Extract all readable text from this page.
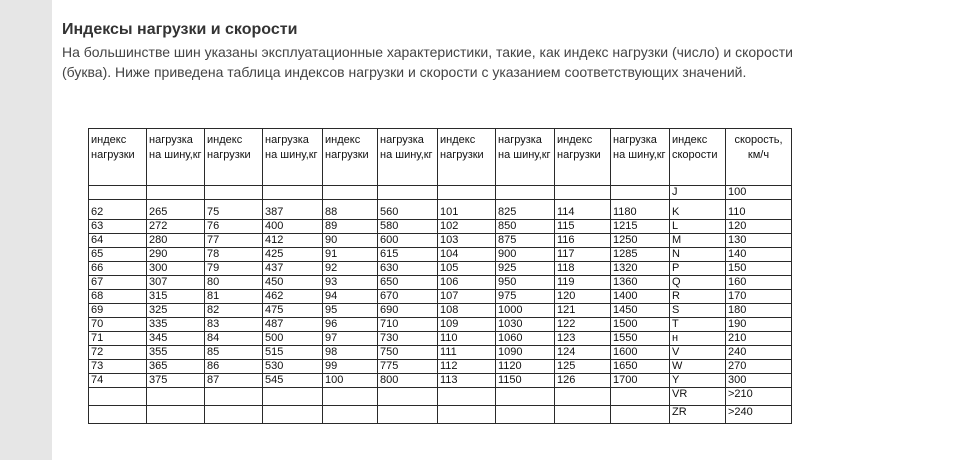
Индексы нагрузки и скорости

На большинстве шин указаны эксплуатационные характеристики, такие, как индекс нагрузки (число) и скорости (буква). Ниже приведена таблица индексов нагрузки и скорости с указанием соответствующих значений.

индекс нагрузки	нагрузка на шину,кг	индекс нагрузки	нагрузка на шину,кг	индекс нагрузки	нагрузка на шину,кг	индекс нагрузки	нагрузка на шину,кг	индекс нагрузки	нагрузка на шину,кг	индекс скорости	скорость, км/ч
										J	100
62	265	75	387	88	560	101	825	114	1180	K	110
63	272	76	400	89	580	102	850	115	1215	L	120
64	280	77	412	90	600	103	875	116	1250	M	130
65	290	78	425	91	615	104	900	117	1285	N	140
66	300	79	437	92	630	105	925	118	1320	P	150
67	307	80	450	93	650	106	950	119	1360	Q	160
68	315	81	462	94	670	107	975	120	1400	R	170
69	325	82	475	95	690	108	1000	121	1450	S	180
70	335	83	487	96	710	109	1030	122	1500	T	190
71	345	84	500	97	730	110	1060	123	1550	н	210
72	355	85	515	98	750	111	1090	124	1600	V	240
73	365	86	530	99	775	112	1120	125	1650	W	270
74	375	87	545	100	800	113	1150	126	1700	Y	300
										VR	>210
										ZR	>240
